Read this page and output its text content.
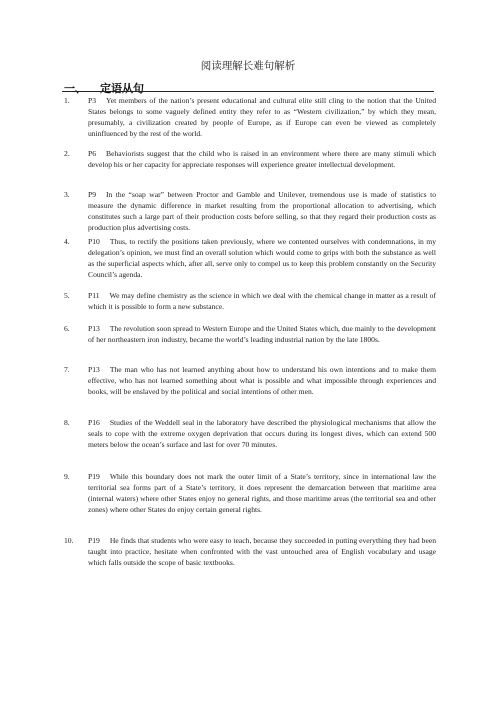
阅读理解长难句解析
一、 定语从句
1. P3 Yet members of the nation’s present educational and cultural elite still cling to the notion that the United States belongs to some vaguely defined entity they refer to as “Western civilization,” by which they mean, presumably, a civilization created by people of Europe, as if Europe can even be viewed as completely uninfluenced by the rest of the world.
2. P6 Behaviorists suggest that the child who is raised in an environment where there are many stimuli which develop his or her capacity for appreciate responses will experience greater intellectual development.
3. P9 In the “soap war” between Proctor and Gamble and Unilever, tremendous use is made of statistics to measure the dynamic difference in market resulting from the proportional allocation to advertising, which constitutes such a large part of their production costs before selling, so that they regard their production costs as production plus advertising costs.
4. P10 Thus, to rectify the positions taken previously, where we contented ourselves with condemnations, in my delegation’s opinion, we must find an overall solution which would come to grips with both the substance as well as the superficial aspects which, after all, serve only to compel us to keep this problem constantly on the Security Council’s agenda.
5. P11 We may define chemistry as the science in which we deal with the chemical change in matter as a result of which it is possible to form a new substance.
6. P13 The revolution soon spread to Western Europe and the United States which, due mainly to the development of her northeastern iron industry, became the world’s leading industrial nation by the late 1800s.
7. P13 The man who has not learned anything about how to understand his own intentions and to make them effective, who has not learned something about what is possible and what impossible through experiences and books, will be enslaved by the political and social intentions of other men.
8. P16 Studies of the Weddell seal in the laboratory have described the physiological mechanisms that allow the seals to cope with the extreme oxygen deprivation that occurs during its longest dives, which can extend 500 meters below the ocean’s surface and last for over 70 minutes.
9. P19 While this boundary does not mark the outer limit of a State’s territory, since in international law the territorial sea forms part of a State’s territory, it does represent the demarcation between that maritime area (internal waters) where other States enjoy no general rights, and those maritime areas (the territorial sea and other zones) where other States do enjoy certain general rights.
10. P19 He finds that students who were easy to teach, because they succeeded in putting everything they had been taught into practice, hesitate when confronted with the vast untouched area of English vocabulary and usage which falls outside the scope of basic textbooks.
